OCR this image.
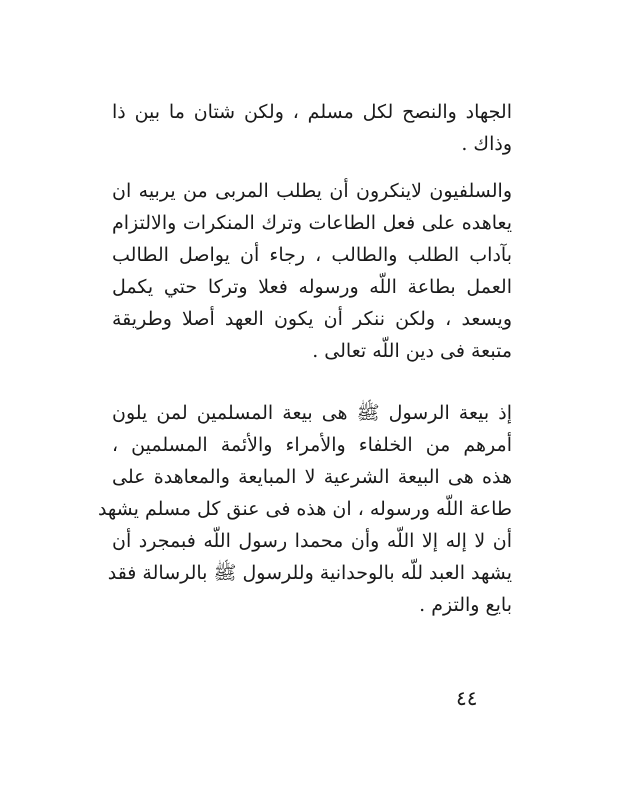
الجهاد والنصح لكل مسلم ، ولكن شتان ما بين ذا
وذاك .
والسلفيون لاينكرون أن يطلب المربى من يربيه ان
يعاهده على فعل الطاعات وترك المنكرات والالتزام
بآداب الطلب والطالب ، رجاء أن يواصل الطالب
العمل بطاعة اللّه ورسوله فعلا وتركا حتي يكمل
ويسعد ، ولكن ننكر أن يكون العهد أصلا وطريقة
متبعة فى دين اللّه تعالى .
إذ بيعة الرسول ﷺ هى بيعة المسلمين لمن يلون
أمرهم من الخلفاء والأمراء والأئمة المسلمين ،
هذه هى البيعة الشرعية لا المبايعة والمعاهدة على
طاعة اللّه ورسوله ، ان هذه فى عنق كل مسلم يشهد
أن لا إله إلا اللّه وأن محمدا رسول اللّه فبمجرد أن
يشهد العبد للّه بالوحدانية وللرسول ﷺ بالرسالة فقد
بايع والتزم .
٤٤
